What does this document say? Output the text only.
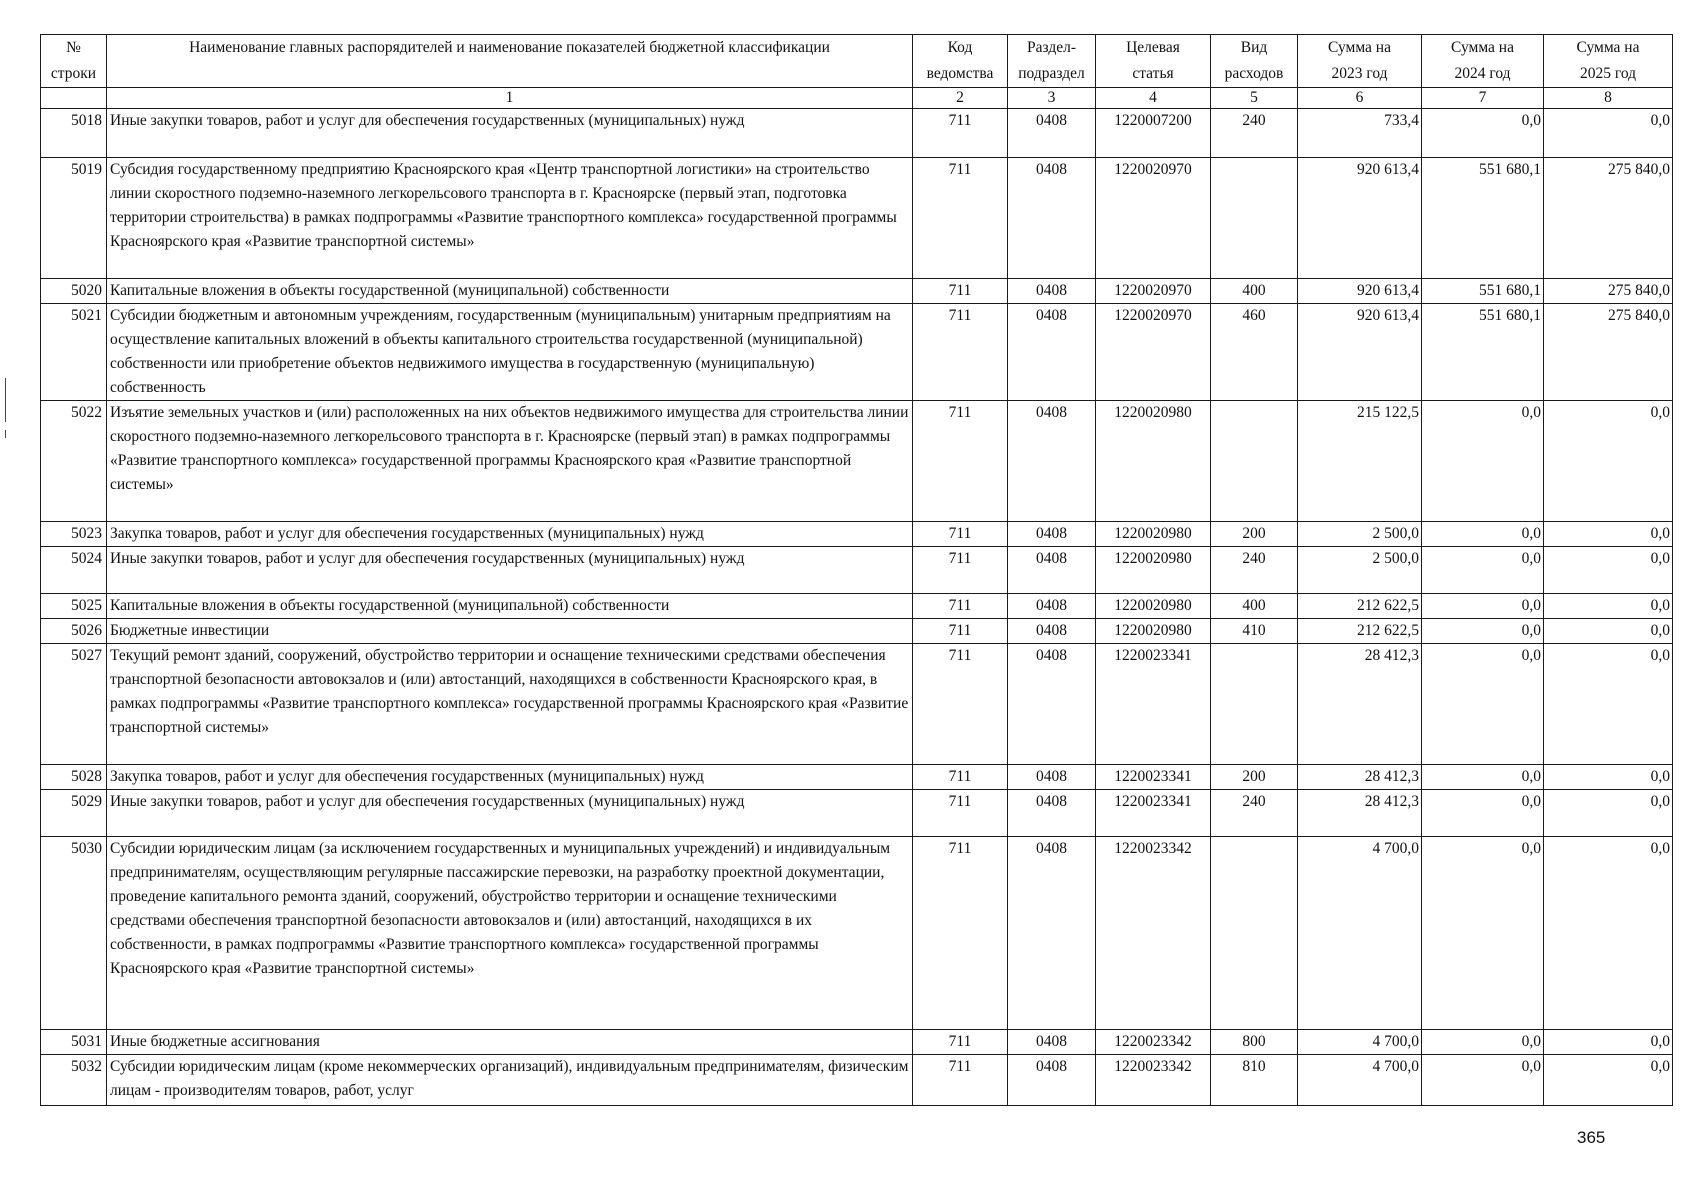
№ строки	Наименование главных распорядителей и наименование показателей бюджетной классификации	Код ведомства	Раздел-подраздел	Целевая статья	Вид расходов	Сумма на 2023 год	Сумма на 2024 год	Сумма на 2025 год
	1	2	3	4	5	6	7	8
5018	Иные закупки товаров, работ и услуг для обеспечения государственных (муниципальных) нужд	711	0408	1220007200	240	733,4	0,0	0,0
5019	Субсидия государственному предприятию Красноярского края «Центр транспортной логистики» на строительство линии скоростного подземно-наземного легкорельсового транспорта в г. Красноярске (первый этап, подготовка территории строительства) в рамках подпрограммы «Развитие транспортного комплекса» государственной программы Красноярского края «Развитие транспортной системы»	711	0408	1220020970		920 613,4	551 680,1	275 840,0
5020	Капитальные вложения в объекты государственной (муниципальной) собственности	711	0408	1220020970	400	920 613,4	551 680,1	275 840,0
5021	Субсидии бюджетным и автономным учреждениям, государственным (муниципальным) унитарным предприятиям на осуществление капитальных вложений в объекты капитального строительства государственной (муниципальной) собственности или приобретение объектов недвижимого имущества в государственную (муниципальную) собственность	711	0408	1220020970	460	920 613,4	551 680,1	275 840,0
5022	Изъятие земельных участков и (или) расположенных на них объектов недвижимого имущества для строительства линии скоростного подземно-наземного легкорельсового транспорта в г. Красноярске (первый этап) в рамках подпрограммы «Развитие транспортного комплекса» государственной программы Красноярского края «Развитие транспортной системы»	711	0408	1220020980		215 122,5	0,0	0,0
5023	Закупка товаров, работ и услуг для обеспечения государственных (муниципальных) нужд	711	0408	1220020980	200	2 500,0	0,0	0,0
5024	Иные закупки товаров, работ и услуг для обеспечения государственных (муниципальных) нужд	711	0408	1220020980	240	2 500,0	0,0	0,0
5025	Капитальные вложения в объекты государственной (муниципальной) собственности	711	0408	1220020980	400	212 622,5	0,0	0,0
5026	Бюджетные инвестиции	711	0408	1220020980	410	212 622,5	0,0	0,0
5027	Текущий ремонт зданий, сооружений, обустройство территории и оснащение техническими средствами обеспечения транспортной безопасности автовокзалов и (или) автостанций, находящихся в собственности Красноярского края, в рамках подпрограммы «Развитие транспортного комплекса» государственной программы Красноярского края «Развитие транспортной системы»	711	0408	1220023341		28 412,3	0,0	0,0
5028	Закупка товаров, работ и услуг для обеспечения государственных (муниципальных) нужд	711	0408	1220023341	200	28 412,3	0,0	0,0
5029	Иные закупки товаров, работ и услуг для обеспечения государственных (муниципальных) нужд	711	0408	1220023341	240	28 412,3	0,0	0,0
5030	Субсидии юридическим лицам (за исключением государственных и муниципальных учреждений) и индивидуальным предпринимателям, осуществляющим регулярные пассажирские перевозки, на разработку проектной документации, проведение капитального ремонта зданий, сооружений, обустройство территории и оснащение техническими средствами обеспечения транспортной безопасности автовокзалов и (или) автостанций, находящихся в их собственности, в рамках подпрограммы «Развитие транспортного комплекса» государственной программы Красноярского края «Развитие транспортной системы»	711	0408	1220023342		4 700,0	0,0	0,0
5031	Иные бюджетные ассигнования	711	0408	1220023342	800	4 700,0	0,0	0,0
5032	Субсидии юридическим лицам (кроме некоммерческих организаций), индивидуальным предпринимателям, физическим лицам - производителям товаров, работ, услуг	711	0408	1220023342	810	4 700,0	0,0	0,0
365
